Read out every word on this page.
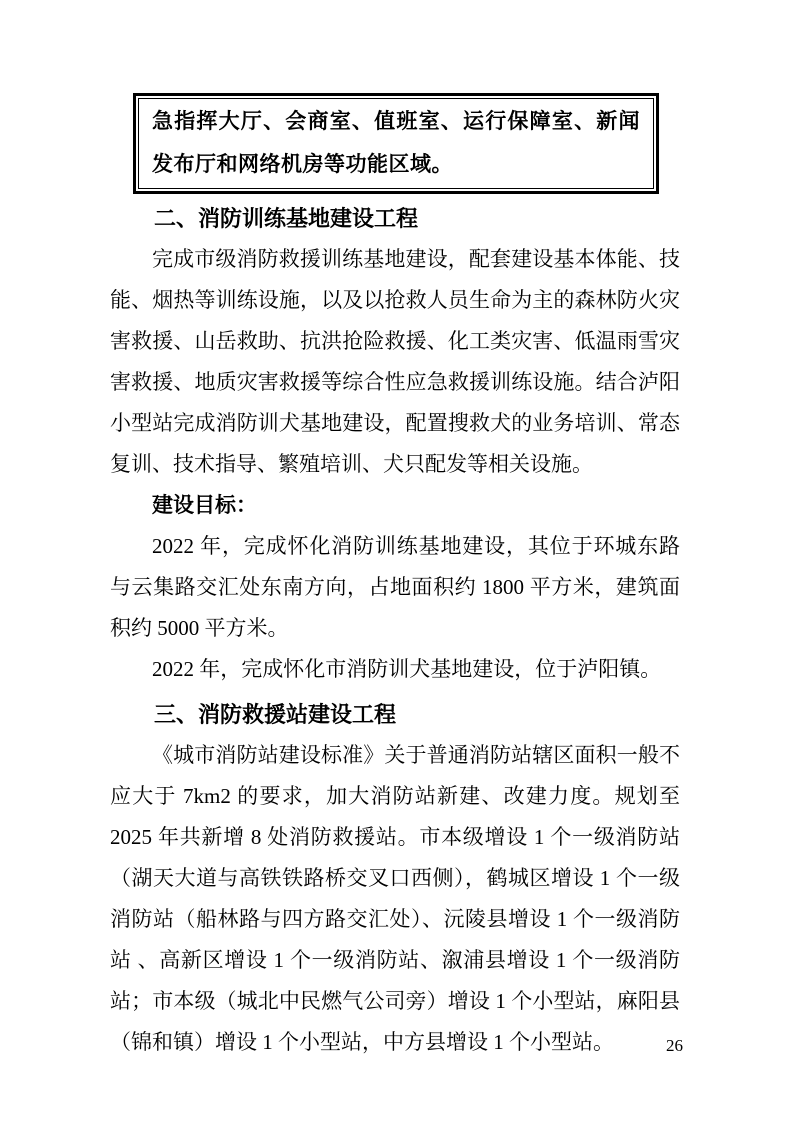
急指挥大厅、会商室、值班室、运行保障室、新闻发布厅和网络机房等功能区域。

二、消防训练基地建设工程

完成市级消防救援训练基地建设，配套建设基本体能、技能、烟热等训练设施，以及以抢救人员生命为主的森林防火灾害救援、山岳救助、抗洪抢险救援、化工类灾害、低温雨雪灾害救援、地质灾害救援等综合性应急救援训练设施。结合泸阳小型站完成消防训犬基地建设，配置搜救犬的业务培训、常态复训、技术指导、繁殖培训、犬只配发等相关设施。

建设目标：

2022 年，完成怀化消防训练基地建设，其位于环城东路与云集路交汇处东南方向，占地面积约 1800 平方米，建筑面积约 5000 平方米。

2022 年，完成怀化市消防训犬基地建设，位于泸阳镇。

三、消防救援站建设工程

《城市消防站建设标准》关于普通消防站辖区面积一般不应大于 7km2 的要求，加大消防站新建、改建力度。规划至 2025 年共新增 8 处消防救援站。市本级增设 1 个一级消防站（湖天大道与高铁铁路桥交叉口西侧），鹤城区增设 1 个一级消防站（船林路与四方路交汇处）、沅陵县增设 1 个一级消防站 、高新区增设 1 个一级消防站、溆浦县增设 1 个一级消防站；市本级（城北中民燃气公司旁）增设 1 个小型站，麻阳县（锦和镇）增设 1 个小型站，中方县增设 1 个小型站。	26
